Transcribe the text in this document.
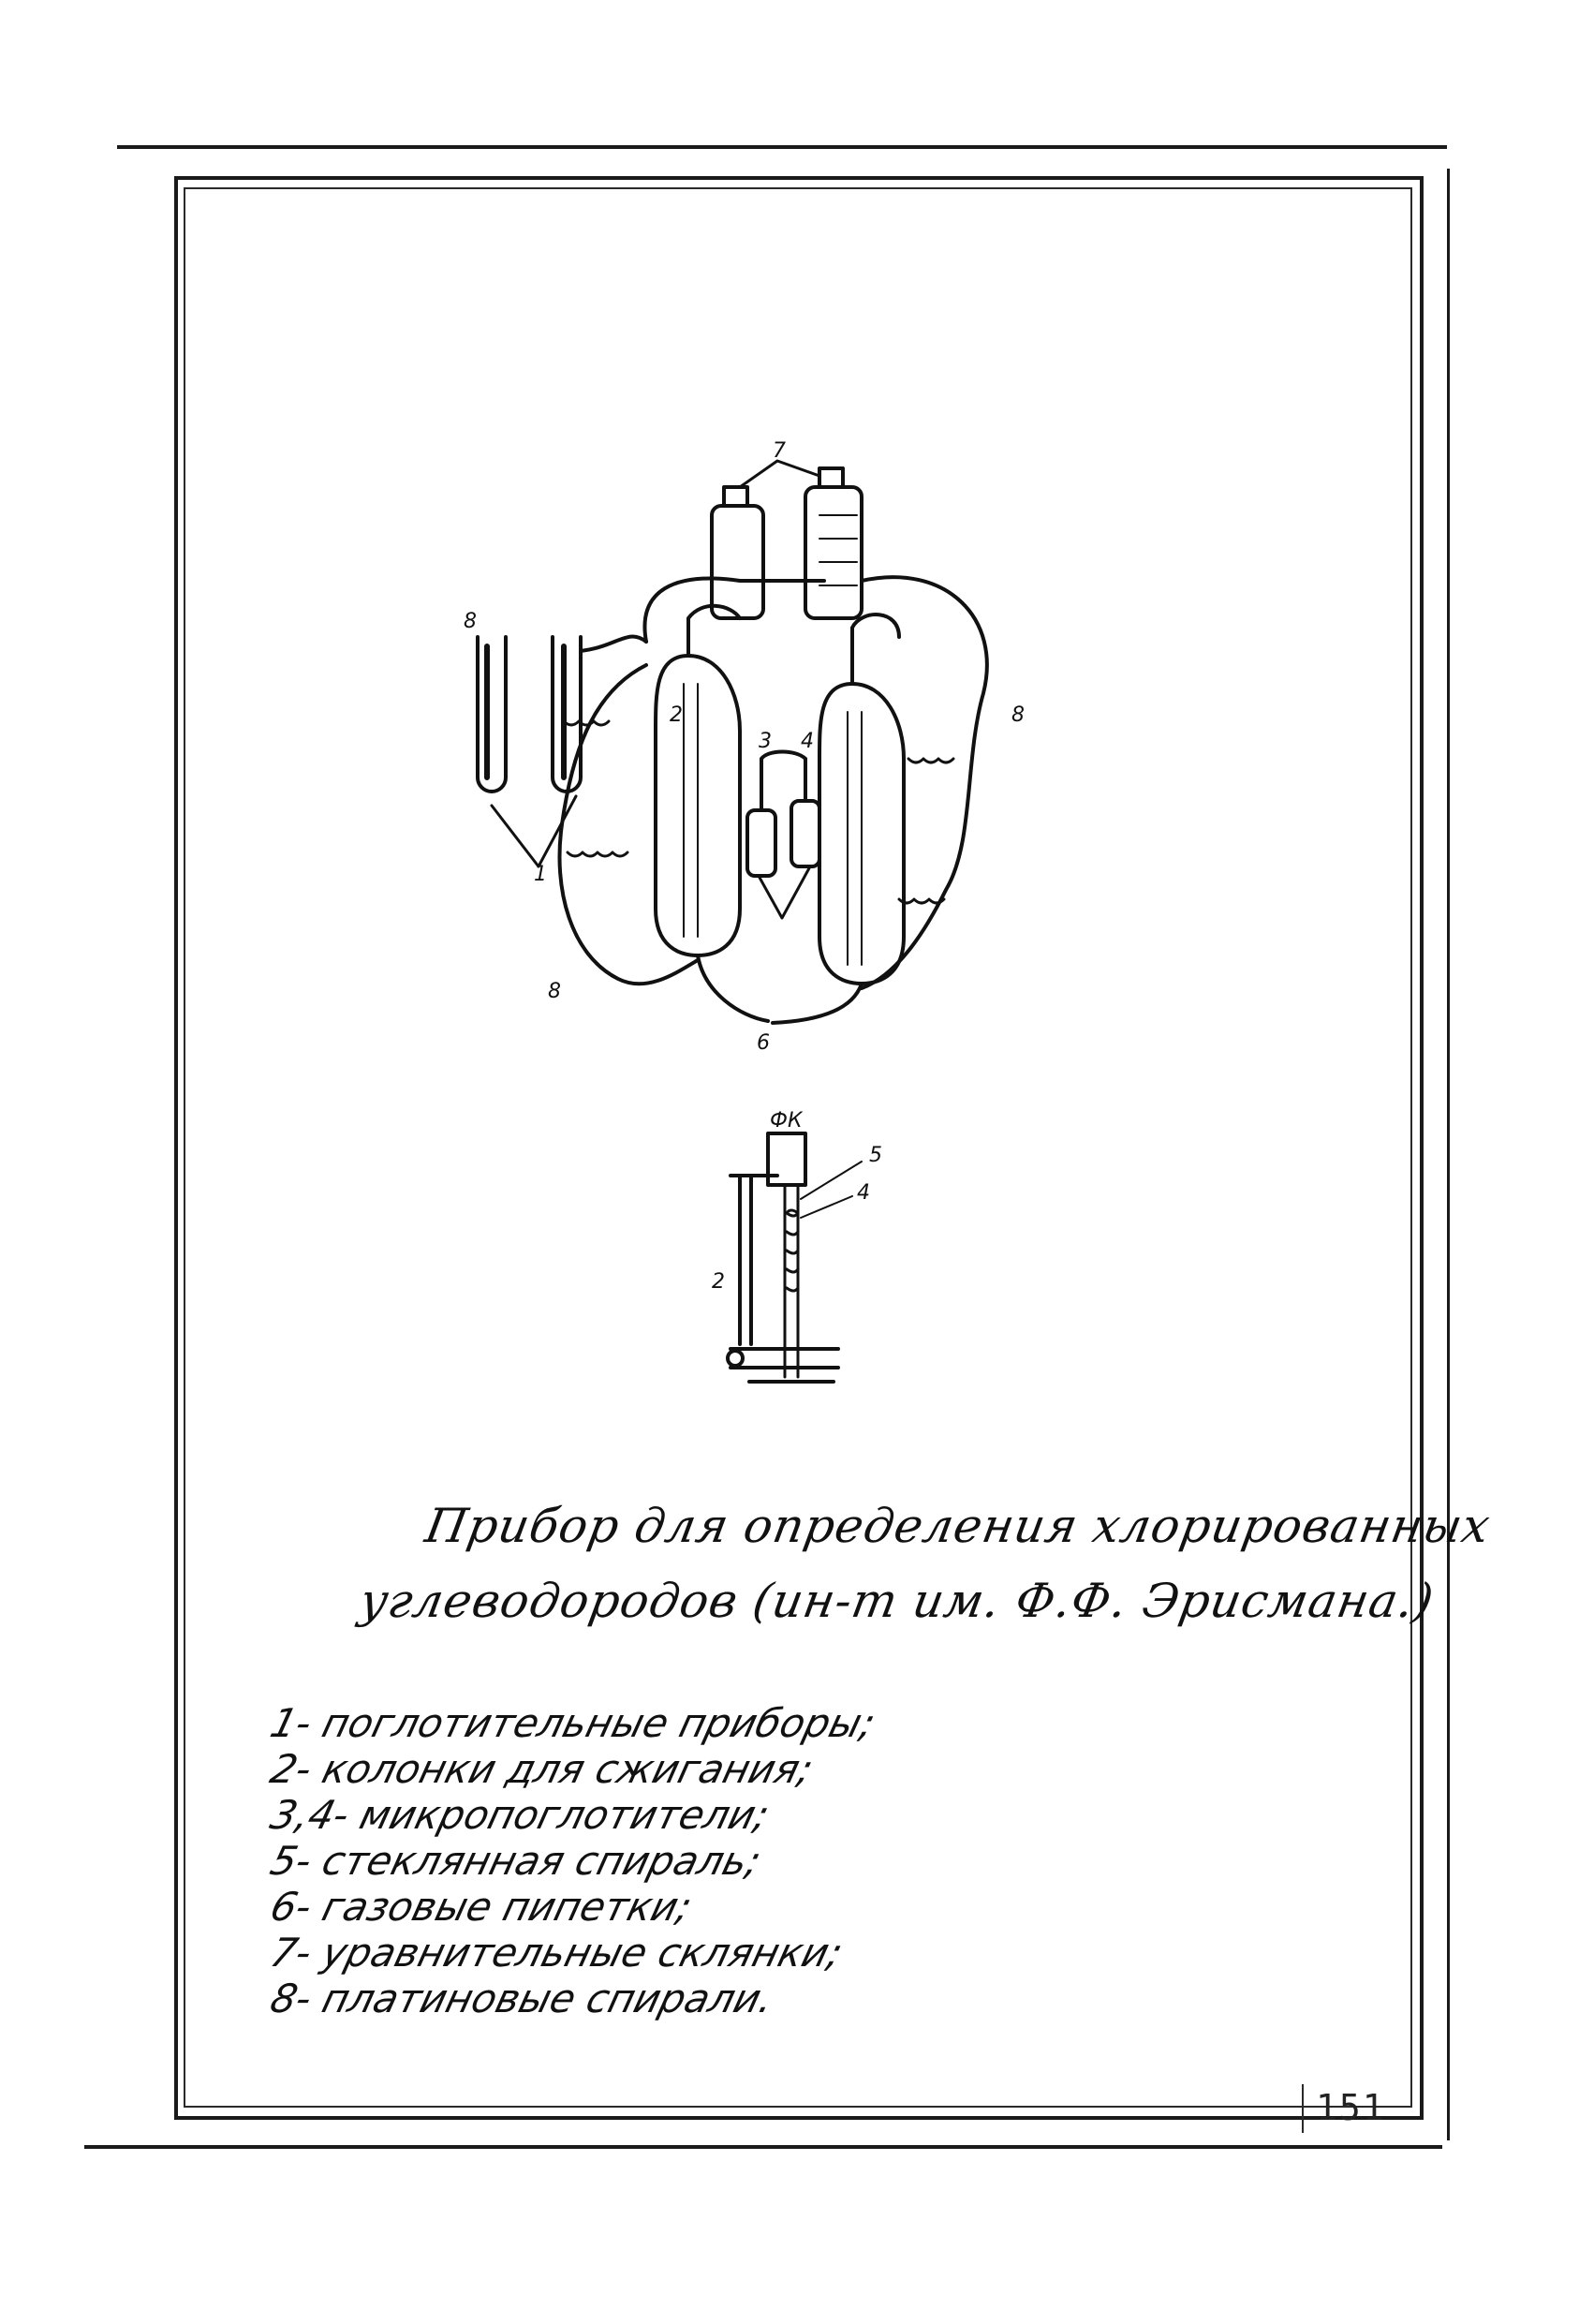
151
7
1
8
2	8
3 4
6
8
ФК
5
4
2
Прибор для определения хлорированных
углеводородов (ин-т им. Ф.Ф. Эрисмана.)
1- поглотительные приборы;
2- колонки для сжигания;
3,4- микропоглотители;
5- стеклянная спираль;
6- газовые пипетки;
7- уравнительные склянки;
8- платиновые спирали.
